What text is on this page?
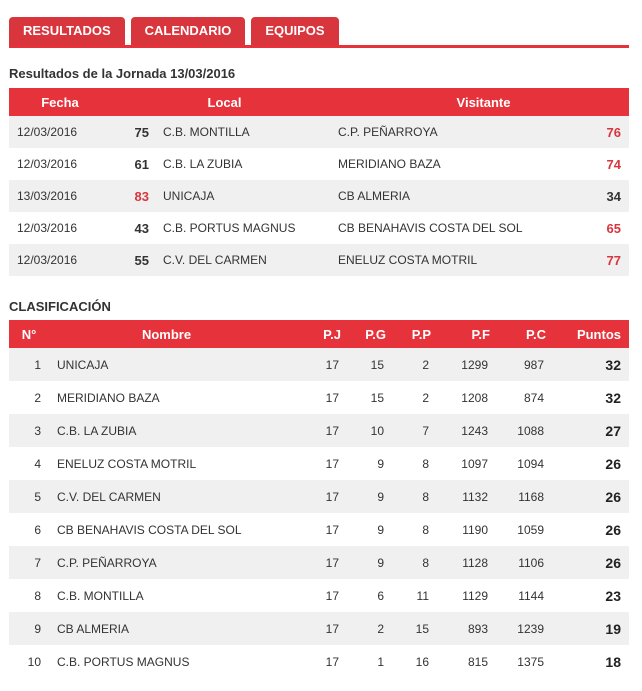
RESULTADOS	CALENDARIO	EQUIPOS
Resultados de la Jornada 13/03/2016
Fecha	Local		Visitante	
12/03/2016	75	C.B. MONTILLA	C.P. PEÑARROYA	76
12/03/2016	61	C.B. LA ZUBIA	MERIDIANO BAZA	74
13/03/2016	83	UNICAJA	CB ALMERIA	34
12/03/2016	43	C.B. PORTUS MAGNUS	CB BENAHAVIS COSTA DEL SOL	65
12/03/2016	55	C.V. DEL CARMEN	ENELUZ COSTA MOTRIL	77
CLASIFICACIÓN
N°	Nombre	P.J	P.G	P.P	P.F	P.C	Puntos
1	UNICAJA	17	15	2	1299	987	32
2	MERIDIANO BAZA	17	15	2	1208	874	32
3	C.B. LA ZUBIA	17	10	7	1243	1088	27
4	ENELUZ COSTA MOTRIL	17	9	8	1097	1094	26
5	C.V. DEL CARMEN	17	9	8	1132	1168	26
6	CB BENAHAVIS COSTA DEL SOL	17	9	8	1190	1059	26
7	C.P. PEÑARROYA	17	9	8	1128	1106	26
8	C.B. MONTILLA	17	6	11	1129	1144	23
9	CB ALMERIA	17	2	15	893	1239	19
10	C.B. PORTUS MAGNUS	17	1	16	815	1375	18
